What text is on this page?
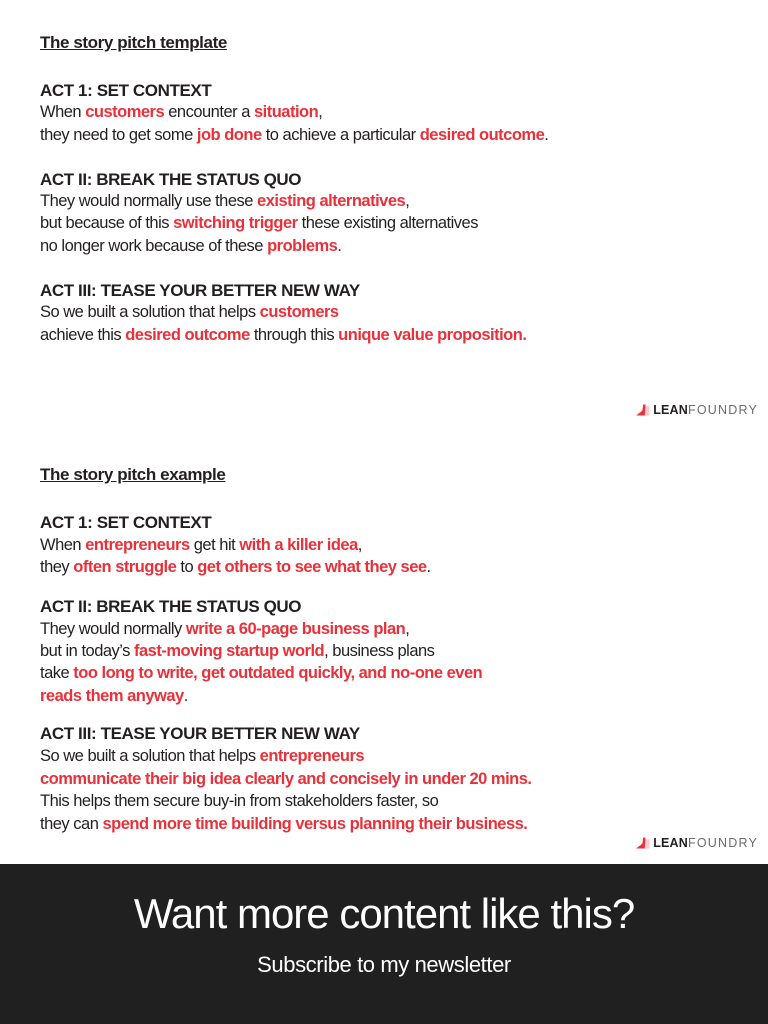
The story pitch template

ACT 1: SET CONTEXT

When customers encounter a situation,

they need to get some job done to achieve a particular desired outcome.

ACT II: BREAK THE STATUS QUO

They would normally use these existing alternatives,

but because of this switching trigger these existing alternatives

no longer work because of these problems.

ACT III: TEASE YOUR BETTER NEW WAY

So we built a solution that helps customers

achieve this desired outcome through this unique value proposition.

LEAN FOUNDRY

The story pitch example

ACT 1: SET CONTEXT

When entrepreneurs get hit with a killer idea,

they often struggle to get others to see what they see.

ACT II: BREAK THE STATUS QUO

They would normally write a 60-page business plan,

but in today’s fast-moving startup world, business plans

take too long to write, get outdated quickly, and no-one even

reads them anyway.

ACT III: TEASE YOUR BETTER NEW WAY

So we built a solution that helps entrepreneurs

communicate their big idea clearly and concisely in under 20 mins.

This helps them secure buy-in from stakeholders faster, so

they can spend more time building versus planning their business.

LEAN FOUNDRY

Want more content like this?

Subscribe to my newsletter
